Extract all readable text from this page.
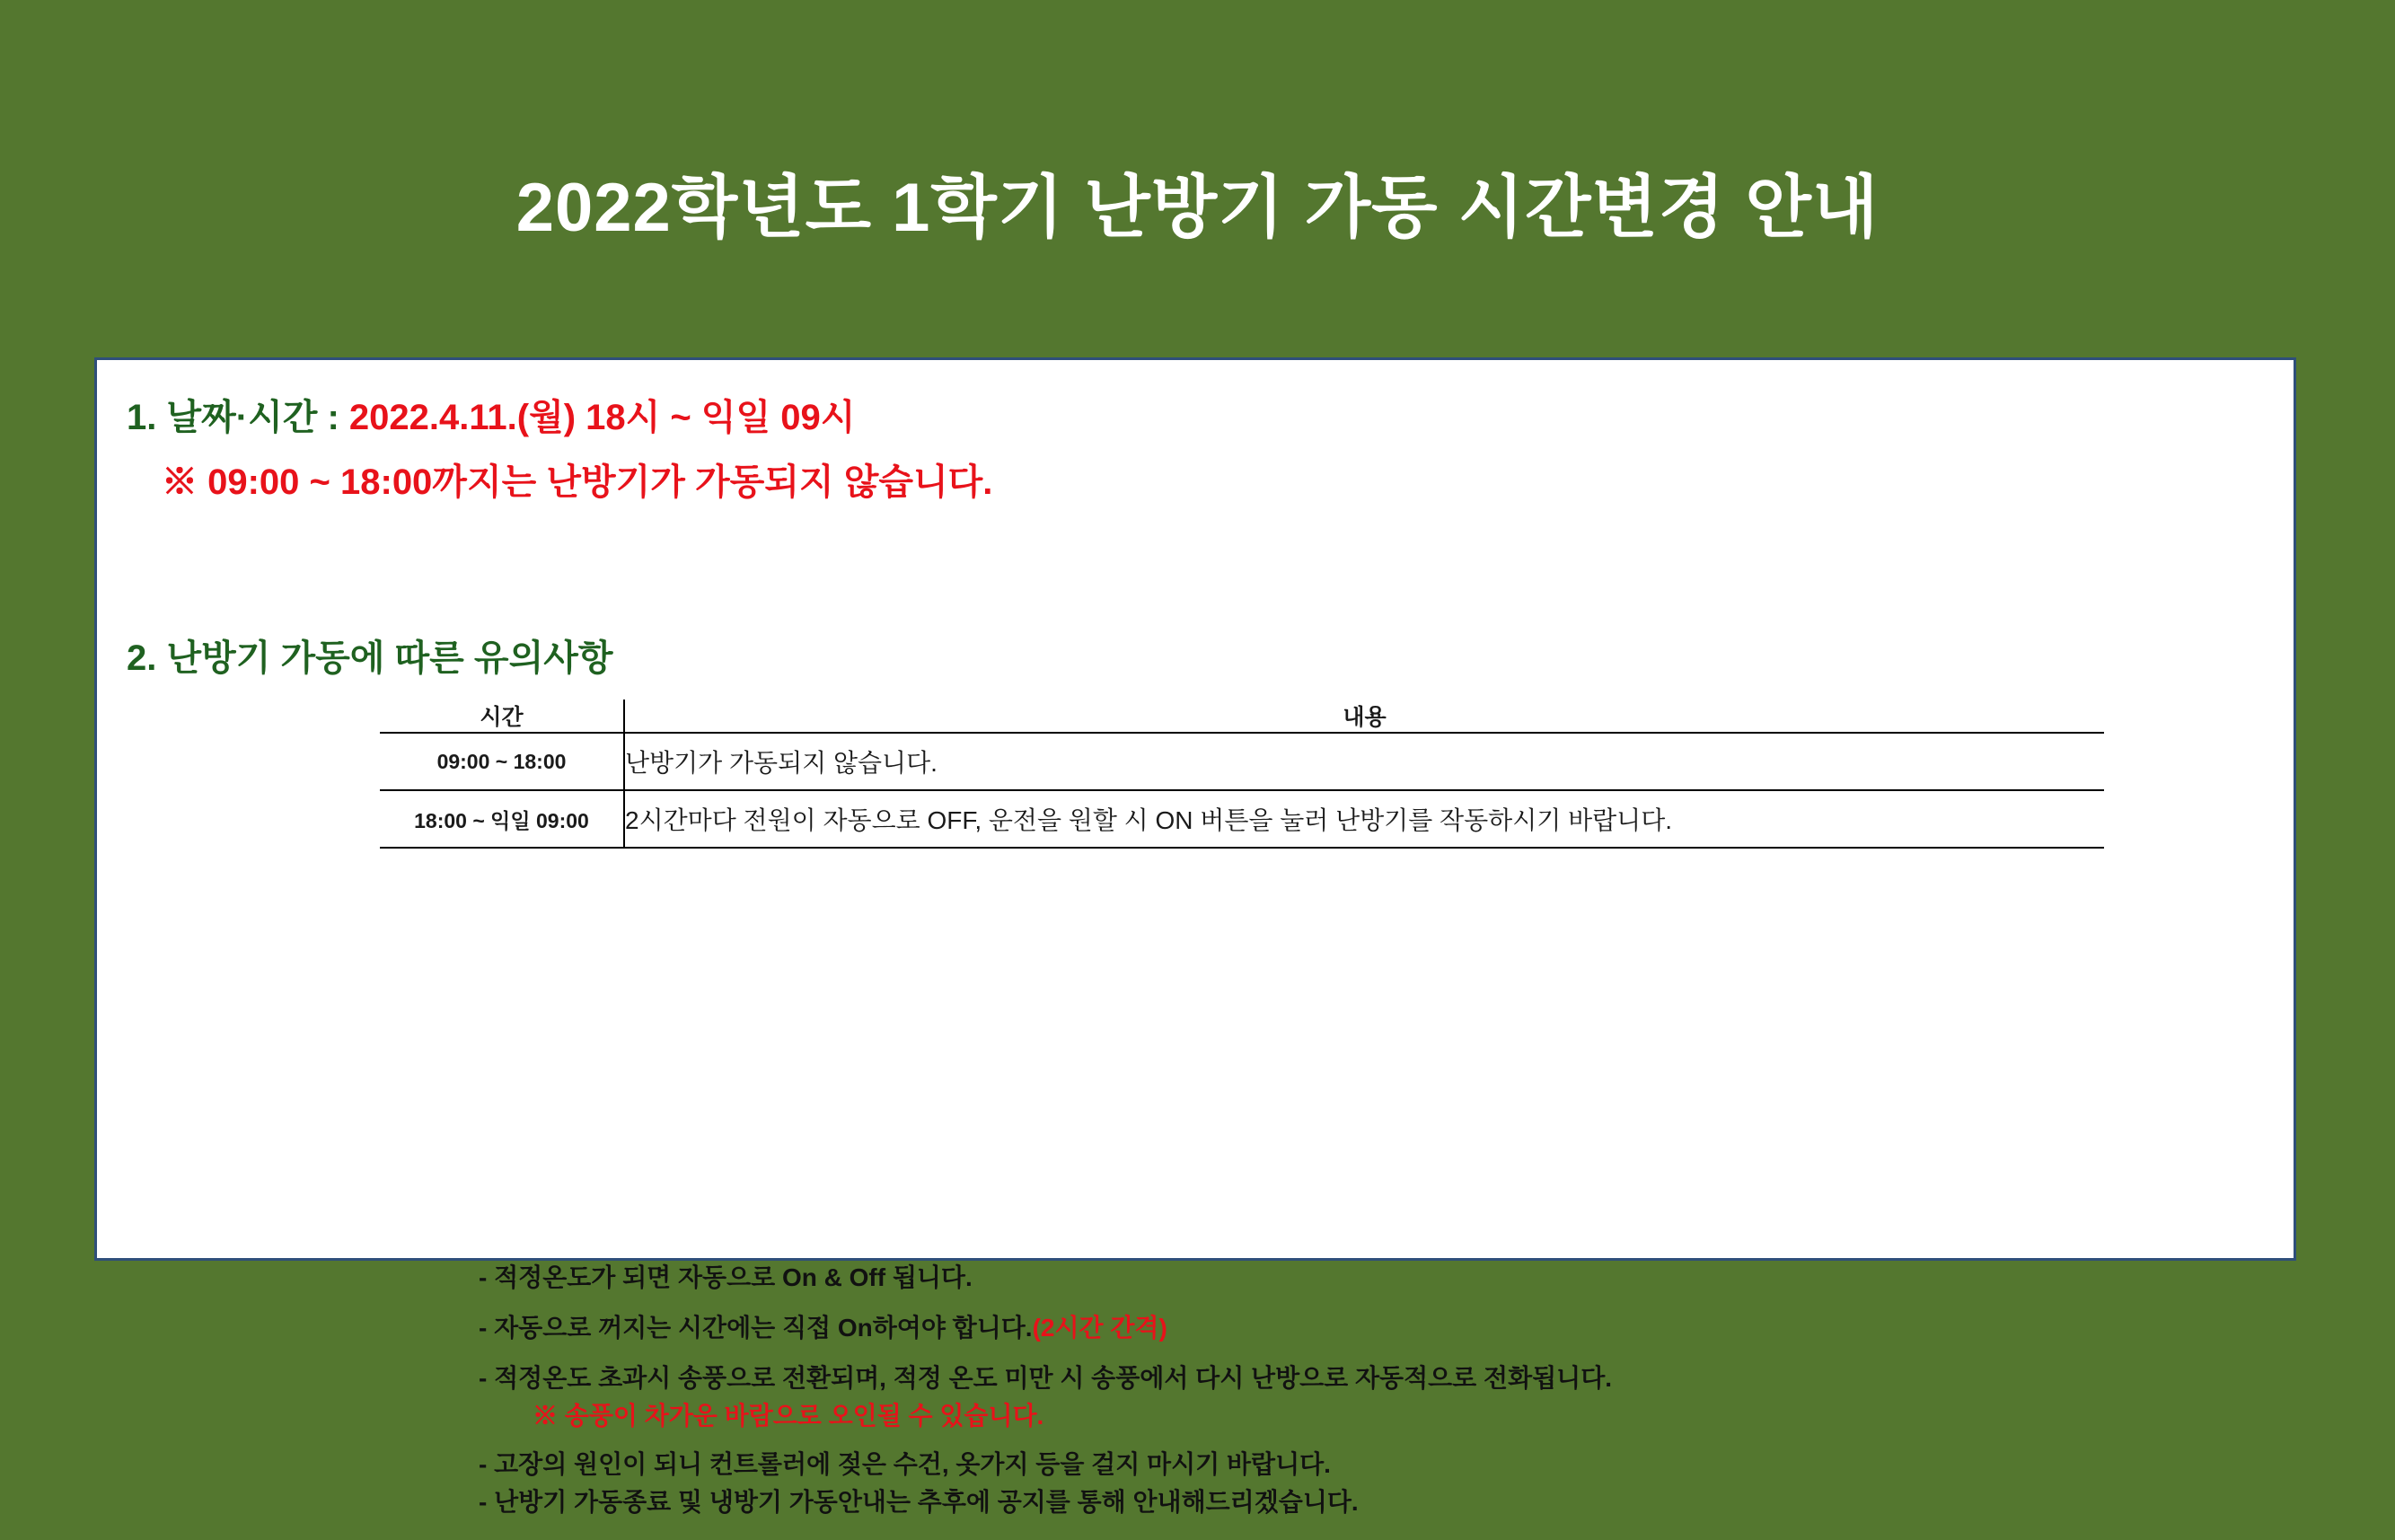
2022학년도 1학기 난방기 가동 시간변경 안내
1. 날짜·시간 : 2022.4.11.(월) 18시 ~ 익일 09시
※ 09:00 ~ 18:00까지는 난방기가 가동되지 않습니다.
2. 난방기 가동에 따른 유의사항
시간	내용
09:00 ~ 18:00	난방기가 가동되지 않습니다.
18:00 ~ 익일 09:00	2시간마다 전원이 자동으로 OFF, 운전을 원할 시 ON 버튼을 눌러 난방기를 작동하시기 바랍니다.
- 적정온도가 되면 자동으로 On & Off 됩니다.
- 자동으로 꺼지는 시간에는 직접 On하여야 합니다.(2시간 간격)
- 적정온도 초과시 송풍으로 전환되며, 적정 온도 미만 시 송풍에서 다시 난방으로 자동적으로 전화됩니다.
※ 송풍이 차가운 바람으로 오인될 수 있습니다.
- 고장의 원인이 되니 컨트롤러에 젖은 수건, 옷가지 등을 걸지 마시기 바랍니다.
- 난방기 가동종료 및 냉방기 가동안내는 추후에 공지를 통해 안내해드리겠습니다.
